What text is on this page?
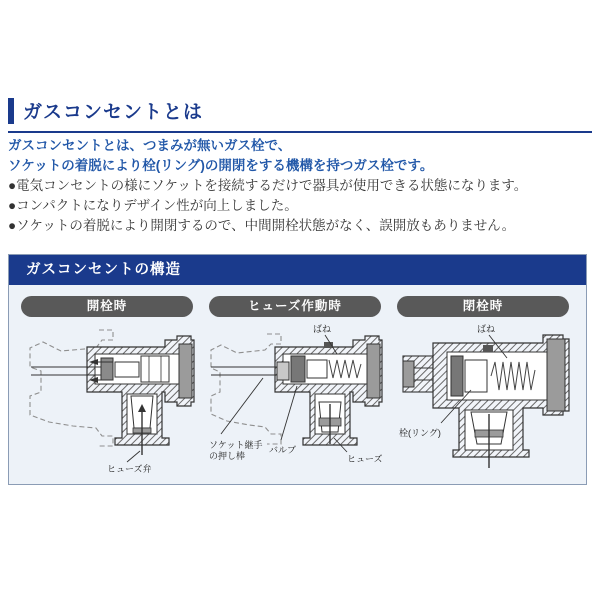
ガスコンセントとは
ガスコンセントとは、つまみが無いガス栓で、
ソケットの着脱により栓(リング)の開閉をする機構を持つガス栓です。
●電気コンセントの様にソケットを接続するだけで器具が使用できる状態になります。
●コンパクトになりデザイン性が向上しました。
●ソケットの着脱により開閉するので、中間開栓状態がなく、誤開放もありません。
ガスコンセントの構造
開栓時
ヒューズ弁
ヒューズ作動時
ばね
ソケット継手
の押し棒
バルブ
ヒューズ
閉栓時
ばね
栓(リング)
